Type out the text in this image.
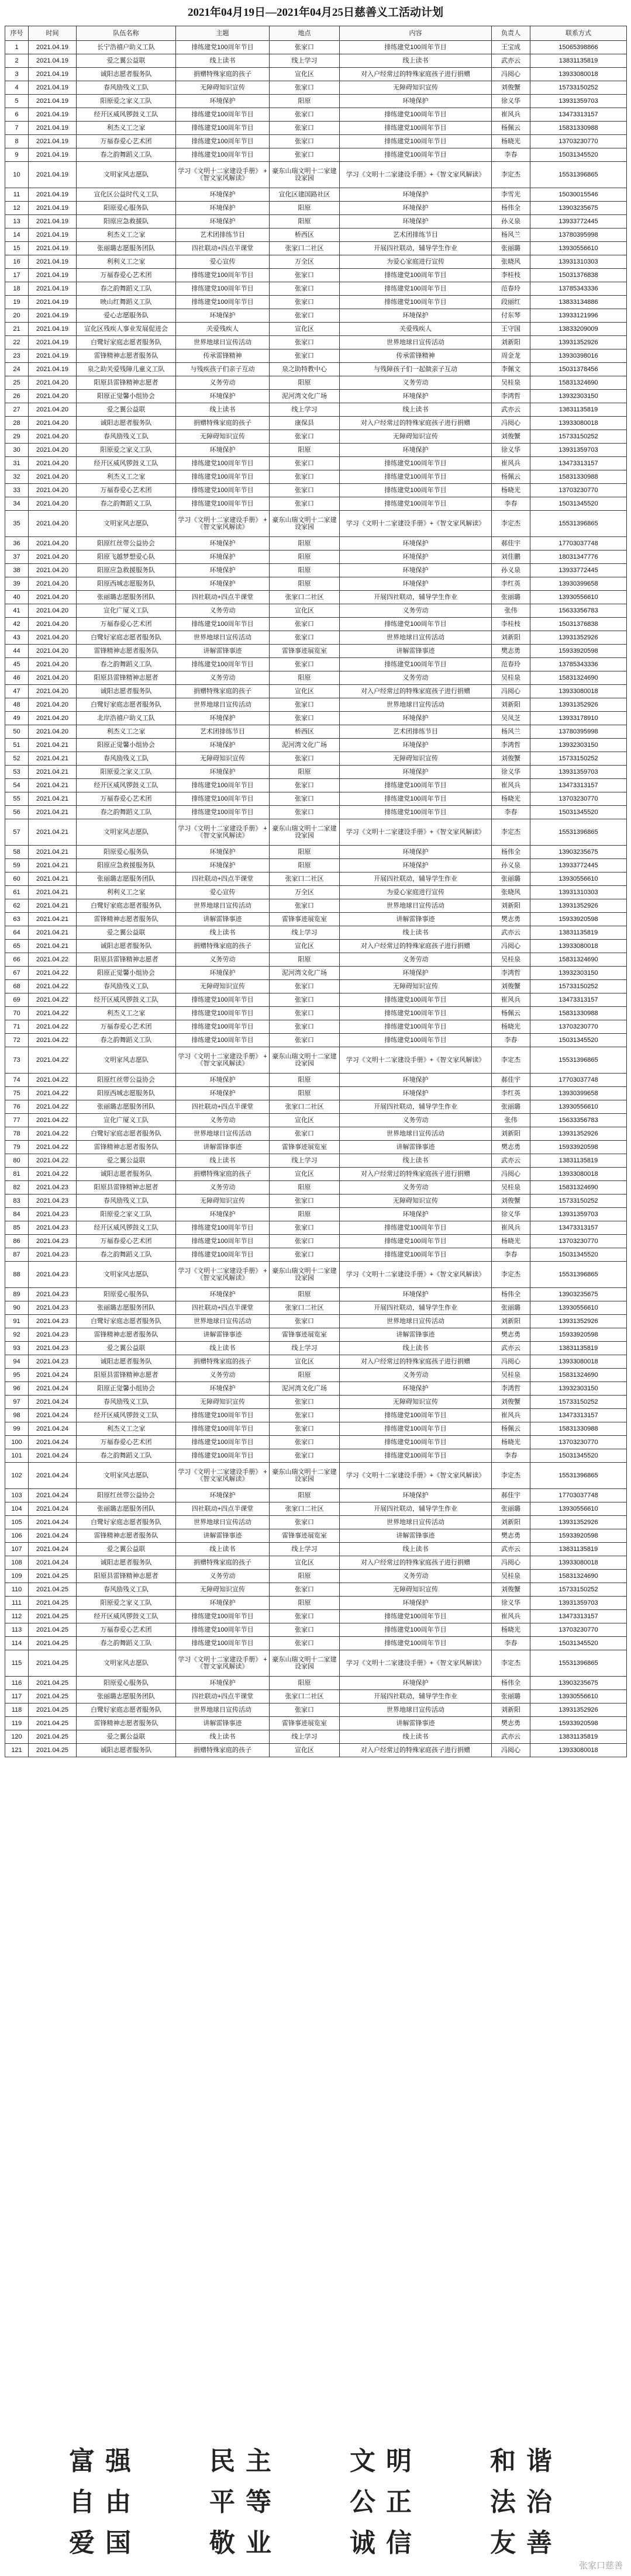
2021年04月19日—2021年04月25日慈善义工活动计划
序号	时间	队伍名称	主题	地点	内容	负责人	联系方式
1	2021.04.19	长宁浩禧户助义工队	排练建党100周年节目	张家口	排练建党100周年节目	王宝成	15065398866
2	2021.04.19	爱之翼公益联	线上读书	线上学习	线上读书	武亦云	13831135819
3	2021.04.19	诚阳志愿者服务队	捐赠特殊家庭的孩子	宣化区	对入户经常过的特殊家庭孩子进行捐赠	冯阅心	13933080018
4	2021.04.19	春风励残义工队	无障碍知识宣传	张家口	无障碍知识宣传	刘俊蟹	15733150252
5	2021.04.19	阳原爱之家义工队	环境保护	阳原	环境保护	徐义华	13931359703
6	2021.04.19	经开区威风锣鼓义工队	排练建党100周年节目	张家口	排练建党100周年节目	崔风兵	13473313157
7	2021.04.19	利杰义工之家	排练建党100周年节目	张家口	排练建党100周年节目	杨佩云	15831330988
8	2021.04.19	万福春爱心艺术团	排练建党100周年节目	张家口	排练建党100周年节目	杨晓光	13703230770
9	2021.04.19	春之韵舞蹈义工队	排练建党100周年节目	张家口	排练建党100周年节目	李春	15031345520
10	2021.04.19	文明家风志愿队	学习《文明十二家建设手册》 +《智文家风解读》	豪东山瑞文明十二家建设家园	学习《文明十二家建设手册》+《智文家风解读》	李定杰	15531396865
11	2021.04.19	宣化区公益时代义工队	环境保护	宣化区建国路社区	环境保护	李雪光	15030015546
12	2021.04.19	阳原爱心服务队	环境保护	阳原	环境保护	杨伟全	13903235675
13	2021.04.19	阳原应急救援队	环境保护	阳原	环境保护	孙义泉	13933772445
14	2021.04.19	利杰义工之家	艺术团排练节目	桥西区	艺术团排练节目	杨风兰	13780395998
15	2021.04.19	张丽璐志愿服务团队	四社联动+四点半课堂	张家口二社区	开展四社联动，辅导学生作业	张丽璐	13930556610
16	2021.04.19	利利义工之家	爱心宣传	万全区	为爱心家庭进行宣传	张晓风	13931310303
17	2021.04.19	万福春爱心艺术团	排练建党100周年节目	张家口	排练建党100周年节目	李桂枝	15031376838
18	2021.04.19	春之韵舞蹈义工队	排练建党100周年节目	张家口	排练建党100周年节目	范春玲	13785343336
19	2021.04.19	映山红舞蹈义工队	排练建党100周年节目	张家口	排练建党100周年节目	段丽红	13833134886
20	2021.04.19	爱心志愿服务队	环境保护	张家口	环境保护	付东琴	13933121996
21	2021.04.19	宣化区残疾人事业发展促进会	关爱残疾人	宣化区	关爱残疾人	王守国	13833209009
22	2021.04.19	白鹭好家庭志愿者服务队	世界地球日宣传活动	张家口	世界地球日宣传活动	刘新阳	13931352926
23	2021.04.19	雷锋精神志愿者服务队	传承雷锋精神	张家口	传承雷锋精神	周金龙	13930398016
24	2021.04.19	泉之助关爱残障儿童义工队	与残疾孩子们亲子互动	泉之助特教中心	与残障孩子们一起做亲子互动	李佩文	15031378456
25	2021.04.20	阳原县雷锋精神志愿者	义务劳动	阳原	义务劳动	吴桂泉	15831324690
26	2021.04.20	阳原正觉馨小组协会	环境保护	泥河湾文化广场	环境保护	李鸿哲	13932303150
27	2021.04.20	爱之翼公益联	线上读书	线上学习	线上读书	武亦云	13831135819
28	2021.04.20	诚阳志愿者服务队	捐赠特殊家庭的孩子	康保县	对入户经常过的特殊家庭孩子进行捐赠	冯阅心	13933080018
29	2021.04.20	春风励残义工队	无障碍知识宣传	张家口	无障碍知识宣传	刘俊蟹	15733150252
30	2021.04.20	阳原爱之家义工队	环境保护	阳原	环境保护	徐义华	13931359703
31	2021.04.20	经开区威风锣鼓义工队	排练建党100周年节目	张家口	排练建党100周年节目	崔风兵	13473313157
32	2021.04.20	利杰义工之家	排练建党100周年节目	张家口	排练建党100周年节目	杨佩云	15831330988
33	2021.04.20	万福春爱心艺术团	排练建党100周年节目	张家口	排练建党100周年节目	杨晓光	13703230770
34	2021.04.20	春之韵舞蹈义工队	排练建党100周年节目	张家口	排练建党100周年节目	李春	15031345520
35	2021.04.20	文明家风志愿队	学习《文明十二家建设手册》 +《智文家风解读》	豪东山瑞文明十二家建设家园	学习《文明十二家建设手册》+《智文家风解读》	李定杰	15531396865
36	2021.04.20	阳原红丝带公益协会	环境保护	阳原	环境保护	郝佳宇	17703037748
37	2021.04.20	阳原飞越梦想爱心队	环境保护	阳原	环境保护	刘佳鹏	18031347776
38	2021.04.20	阳原应急救援服务队	环境保护	阳原	环境保护	孙义泉	13933772445
39	2021.04.20	阳原西城志愿服务队	环境保护	阳原	环境保护	李红英	13930399658
40	2021.04.20	张丽璐志愿服务团队	四社联动+四点半课堂	张家口二社区	开展四社联动，辅导学生作业	张丽璐	13930556610
41	2021.04.20	宣化广厦义工队	义务劳动	宣化区	义务劳动	张伟	15633356783
42	2021.04.20	万福春爱心艺术团	排练建党100周年节目	张家口	排练建党100周年节目	李桂枝	15031376838
43	2021.04.20	白鹭好家庭志愿者服务队	世界地球日宣传活动	张家口	世界地球日宣传活动	刘新阳	13931352926
44	2021.04.20	雷锋精神志愿者服务队	讲解雷锋事迹	雷锋事迹展览室	讲解雷锋事迹	樊志勇	15933920598
45	2021.04.20	春之韵舞蹈义工队	排练建党100周年节目	张家口	排练建党100周年节目	范春玲	13785343336
46	2021.04.20	阳原县雷锋精神志愿者	义务劳动	阳原	义务劳动	吴桂泉	15831324690
47	2021.04.20	诚阳志愿者服务队	捐赠特殊家庭的孩子	宣化区	对入户经常过的特殊家庭孩子进行捐赠	冯阅心	13933080018
48	2021.04.20	白鹭好家庭志愿者服务队	世界地球日宣传活动	张家口	世界地球日宣传活动	刘新阳	13931352926
49	2021.04.20	北岸浩禧户助义工队	环境保护	张家口	环境保护	吴凤芝	13933178910
50	2021.04.20	利杰义工之家	艺术团排练节目	桥西区	艺术团排练节目	杨风兰	13780395998
51	2021.04.21	阳原正觉馨小组协会	环境保护	泥河湾文化广场	环境保护	李鸿哲	13932303150
52	2021.04.21	春风励残义工队	无障碍知识宣传	张家口	无障碍知识宣传	刘俊蟹	15733150252
53	2021.04.21	阳原爱之家义工队	环境保护	阳原	环境保护	徐义华	13931359703
54	2021.04.21	经开区威风锣鼓义工队	排练建党100周年节目	张家口	排练建党100周年节目	崔风兵	13473313157
55	2021.04.21	万福春爱心艺术团	排练建党100周年节目	张家口	排练建党100周年节目	杨晓光	13703230770
56	2021.04.21	春之韵舞蹈义工队	排练建党100周年节目	张家口	排练建党100周年节目	李春	15031345520
57	2021.04.21	文明家风志愿队	学习《文明十二家建设手册》 +《智文家风解读》	豪东山瑞文明十二家建设家园	学习《文明十二家建设手册》+《智文家风解读》	李定杰	15531396865
58	2021.04.21	阳原爱心服务队	环境保护	阳原	环境保护	杨伟全	13903235675
59	2021.04.21	阳原应急救援服务队	环境保护	阳原	环境保护	孙义泉	13933772445
60	2021.04.21	张丽璐志愿服务团队	四社联动+四点半课堂	张家口二社区	开展四社联动，辅导学生作业	张丽璐	13930556610
61	2021.04.21	利利义工之家	爱心宣传	万全区	为爱心家庭进行宣传	张晓风	13931310303
62	2021.04.21	白鹭好家庭志愿者服务队	世界地球日宣传活动	张家口	世界地球日宣传活动	刘新阳	13931352926
63	2021.04.21	雷锋精神志愿者服务队	讲解雷锋事迹	雷锋事迹展览室	讲解雷锋事迹	樊志勇	15933920598
64	2021.04.21	爱之翼公益联	线上读书	线上学习	线上读书	武亦云	13831135819
65	2021.04.21	诚阳志愿者服务队	捐赠特殊家庭的孩子	宣化区	对入户经常过的特殊家庭孩子进行捐赠	冯阅心	13933080018
66	2021.04.22	阳原县雷锋精神志愿者	义务劳动	阳原	义务劳动	吴桂泉	15831324690
67	2021.04.22	阳原正觉馨小组协会	环境保护	泥河湾文化广场	环境保护	李鸿哲	13932303150
68	2021.04.22	春风励残义工队	无障碍知识宣传	张家口	无障碍知识宣传	刘俊蟹	15733150252
69	2021.04.22	经开区威风锣鼓义工队	排练建党100周年节目	张家口	排练建党100周年节目	崔风兵	13473313157
70	2021.04.22	利杰义工之家	排练建党100周年节目	张家口	排练建党100周年节目	杨佩云	15831330988
71	2021.04.22	万福春爱心艺术团	排练建党100周年节目	张家口	排练建党100周年节目	杨晓光	13703230770
72	2021.04.22	春之韵舞蹈义工队	排练建党100周年节目	张家口	排练建党100周年节目	李春	15031345520
73	2021.04.22	文明家风志愿队	学习《文明十二家建设手册》 +《智文家风解读》	豪东山瑞文明十二家建设家园	学习《文明十二家建设手册》+《智文家风解读》	李定杰	15531396865
74	2021.04.22	阳原红丝带公益协会	环境保护	阳原	环境保护	郝佳宇	17703037748
75	2021.04.22	阳原西城志愿服务队	环境保护	阳原	环境保护	李红英	13930399658
76	2021.04.22	张丽璐志愿服务团队	四社联动+四点半课堂	张家口二社区	开展四社联动，辅导学生作业	张丽璐	13930556610
77	2021.04.22	宣化广厦义工队	义务劳动	宣化区	义务劳动	张伟	15633356783
78	2021.04.22	白鹭好家庭志愿者服务队	世界地球日宣传活动	张家口	世界地球日宣传活动	刘新阳	13931352926
79	2021.04.22	雷锋精神志愿者服务队	讲解雷锋事迹	雷锋事迹展览室	讲解雷锋事迹	樊志勇	15933920598
80	2021.04.22	爱之翼公益联	线上读书	线上学习	线上读书	武亦云	13831135819
81	2021.04.22	诚阳志愿者服务队	捐赠特殊家庭的孩子	宣化区	对入户经常过的特殊家庭孩子进行捐赠	冯阅心	13933080018
82	2021.04.23	阳原县雷锋精神志愿者	义务劳动	阳原	义务劳动	吴桂泉	15831324690
83	2021.04.23	春风励残义工队	无障碍知识宣传	张家口	无障碍知识宣传	刘俊蟹	15733150252
84	2021.04.23	阳原爱之家义工队	环境保护	阳原	环境保护	徐义华	13931359703
85	2021.04.23	经开区威风锣鼓义工队	排练建党100周年节目	张家口	排练建党100周年节目	崔风兵	13473313157
86	2021.04.23	万福春爱心艺术团	排练建党100周年节目	张家口	排练建党100周年节目	杨晓光	13703230770
87	2021.04.23	春之韵舞蹈义工队	排练建党100周年节目	张家口	排练建党100周年节目	李春	15031345520
88	2021.04.23	文明家风志愿队	学习《文明十二家建设手册》 +《智文家风解读》	豪东山瑞文明十二家建设家园	学习《文明十二家建设手册》+《智文家风解读》	李定杰	15531396865
89	2021.04.23	阳原爱心服务队	环境保护	阳原	环境保护	杨伟全	13903235675
90	2021.04.23	张丽璐志愿服务团队	四社联动+四点半课堂	张家口二社区	开展四社联动，辅导学生作业	张丽璐	13930556610
91	2021.04.23	白鹭好家庭志愿者服务队	世界地球日宣传活动	张家口	世界地球日宣传活动	刘新阳	13931352926
92	2021.04.23	雷锋精神志愿者服务队	讲解雷锋事迹	雷锋事迹展览室	讲解雷锋事迹	樊志勇	15933920598
93	2021.04.23	爱之翼公益联	线上读书	线上学习	线上读书	武亦云	13831135819
94	2021.04.23	诚阳志愿者服务队	捐赠特殊家庭的孩子	宣化区	对入户经常过的特殊家庭孩子进行捐赠	冯阅心	13933080018
95	2021.04.24	阳原县雷锋精神志愿者	义务劳动	阳原	义务劳动	吴桂泉	15831324690
96	2021.04.24	阳原正觉馨小组协会	环境保护	泥河湾文化广场	环境保护	李鸿哲	13932303150
97	2021.04.24	春风励残义工队	无障碍知识宣传	张家口	无障碍知识宣传	刘俊蟹	15733150252
98	2021.04.24	经开区威风锣鼓义工队	排练建党100周年节目	张家口	排练建党100周年节目	崔风兵	13473313157
99	2021.04.24	利杰义工之家	排练建党100周年节目	张家口	排练建党100周年节目	杨佩云	15831330988
100	2021.04.24	万福春爱心艺术团	排练建党100周年节目	张家口	排练建党100周年节目	杨晓光	13703230770
101	2021.04.24	春之韵舞蹈义工队	排练建党100周年节目	张家口	排练建党100周年节目	李春	15031345520
102	2021.04.24	文明家风志愿队	学习《文明十二家建设手册》 +《智文家风解读》	豪东山瑞文明十二家建设家园	学习《文明十二家建设手册》+《智文家风解读》	李定杰	15531396865
103	2021.04.24	阳原红丝带公益协会	环境保护	阳原	环境保护	郝佳宇	17703037748
104	2021.04.24	张丽璐志愿服务团队	四社联动+四点半课堂	张家口二社区	开展四社联动，辅导学生作业	张丽璐	13930556610
105	2021.04.24	白鹭好家庭志愿者服务队	世界地球日宣传活动	张家口	世界地球日宣传活动	刘新阳	13931352926
106	2021.04.24	雷锋精神志愿者服务队	讲解雷锋事迹	雷锋事迹展览室	讲解雷锋事迹	樊志勇	15933920598
107	2021.04.24	爱之翼公益联	线上读书	线上学习	线上读书	武亦云	13831135819
108	2021.04.24	诚阳志愿者服务队	捐赠特殊家庭的孩子	宣化区	对入户经常过的特殊家庭孩子进行捐赠	冯阅心	13933080018
109	2021.04.25	阳原县雷锋精神志愿者	义务劳动	阳原	义务劳动	吴桂泉	15831324690
110	2021.04.25	春风励残义工队	无障碍知识宣传	张家口	无障碍知识宣传	刘俊蟹	15733150252
111	2021.04.25	阳原爱之家义工队	环境保护	阳原	环境保护	徐义华	13931359703
112	2021.04.25	经开区威风锣鼓义工队	排练建党100周年节目	张家口	排练建党100周年节目	崔风兵	13473313157
113	2021.04.25	万福春爱心艺术团	排练建党100周年节目	张家口	排练建党100周年节目	杨晓光	13703230770
114	2021.04.25	春之韵舞蹈义工队	排练建党100周年节目	张家口	排练建党100周年节目	李春	15031345520
115	2021.04.25	文明家风志愿队	学习《文明十二家建设手册》 +《智文家风解读》	豪东山瑞文明十二家建设家园	学习《文明十二家建设手册》+《智文家风解读》	李定杰	15531396865
116	2021.04.25	阳原爱心服务队	环境保护	阳原	环境保护	杨伟全	13903235675
117	2021.04.25	张丽璐志愿服务团队	四社联动+四点半课堂	张家口二社区	开展四社联动，辅导学生作业	张丽璐	13930556610
118	2021.04.25	白鹭好家庭志愿者服务队	世界地球日宣传活动	张家口	世界地球日宣传活动	刘新阳	13931352926
119	2021.04.25	雷锋精神志愿者服务队	讲解雷锋事迹	雷锋事迹展览室	讲解雷锋事迹	樊志勇	15933920598
120	2021.04.25	爱之翼公益联	线上读书	线上学习	线上读书	武亦云	13831135819
121	2021.04.25	诚阳志愿者服务队	捐赠特殊家庭的孩子	宣化区	对入户经常过的特殊家庭孩子进行捐赠	冯阅心	13933080018
富强	民主	文明	和谐
自由	平等	公正	法治
爱国	敬业	诚信	友善
张家口慈善
